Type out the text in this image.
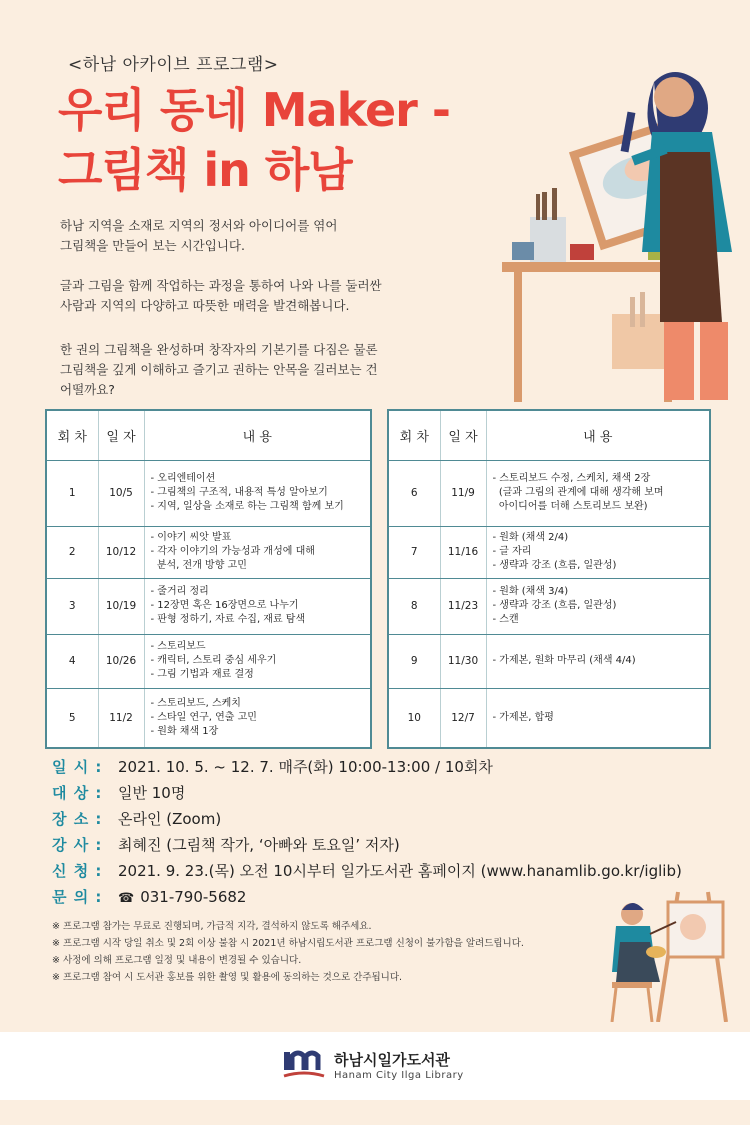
<하남 아카이브 프로그램>
우리 동네 Maker -
그림책 in 하남
하남 지역을 소재로 지역의 정서와 아이디어를 엮어
그림책을 만들어 보는 시간입니다.
글과 그림을 함께 작업하는 과정을 통하여 나와 나를 둘러싼
사람과 지역의 다양하고 따뜻한 매력을 발견해봅니다.
한 권의 그림책을 완성하며 창작자의 기본기를 다짐은 물론
그림책을 깊게 이해하고 즐기고 권하는 안목을 길러보는 건
어떨까요?
회 차	일 자	내 용
1	10/5	- 오리엔테이션
- 그림책의 구조적, 내용적 특성 알아보기
- 지역, 일상을 소재로 하는 그림책 함께 보기

2	10/12	- 이야기 씨앗 발표
- 각자 이야기의 가능성과 개성에 대해
분석, 전개 방향 고민

3	10/19	- 줄거리 정리
- 12장면 혹은 16장면으로 나누기
- 판형 정하기, 자료 수집, 재료 탐색

4	10/26	- 스토리보드
- 캐릭터, 스토리 중심 세우기
- 그림 기법과 재료 결정

5	11/2	- 스토리보드, 스케치
- 스타일 연구, 연출 고민
- 원화 채색 1장
회 차	일 자	내 용
6	11/9	- 스토리보드 수정, 스케치, 채색 2장
(글과 그림의 관계에 대해 생각해 보며
아이디어를 더해 스토리보드 보완)

7	11/16	- 원화 (채색 2/4)
- 글 자리
- 생략과 강조 (흐름, 일관성)

8	11/23	- 원화 (채색 3/4)
- 생략과 강조 (흐름, 일관성)
- 스캔

9	11/30	- 가제본, 원화 마무리 (채색 4/4)

10	12/7	- 가제본, 합평
일 시 :	2021. 10. 5. ~ 12. 7. 매주(화) 10:00-13:00 / 10회차
대 상 :	일반 10명
장 소 :	온라인 (Zoom)
강 사 :	최혜진 (그림책 작가, ‘아빠와 토요일’ 저자)
신 청 :	2021. 9. 23.(목) 오전 10시부터 일가도서관 홈페이지 (www.hanamlib.go.kr/iglib)
문 의 :	☎ 031-790-5682
※ 프로그램 참가는 무료로 진행되며, 가급적 지각, 결석하지 않도록 해주세요.
※ 프로그램 시작 당일 취소 및 2회 이상 불참 시 2021년 하남시립도서관 프로그램 신청이 불가함을 알려드립니다.
※ 사정에 의해 프로그램 일정 및 내용이 변경될 수 있습니다.
※ 프로그램 참여 시 도서관 홍보를 위한 촬영 및 활용에 동의하는 것으로 간주됩니다.
하남시일가도서관
Hanam City Ilga Library
